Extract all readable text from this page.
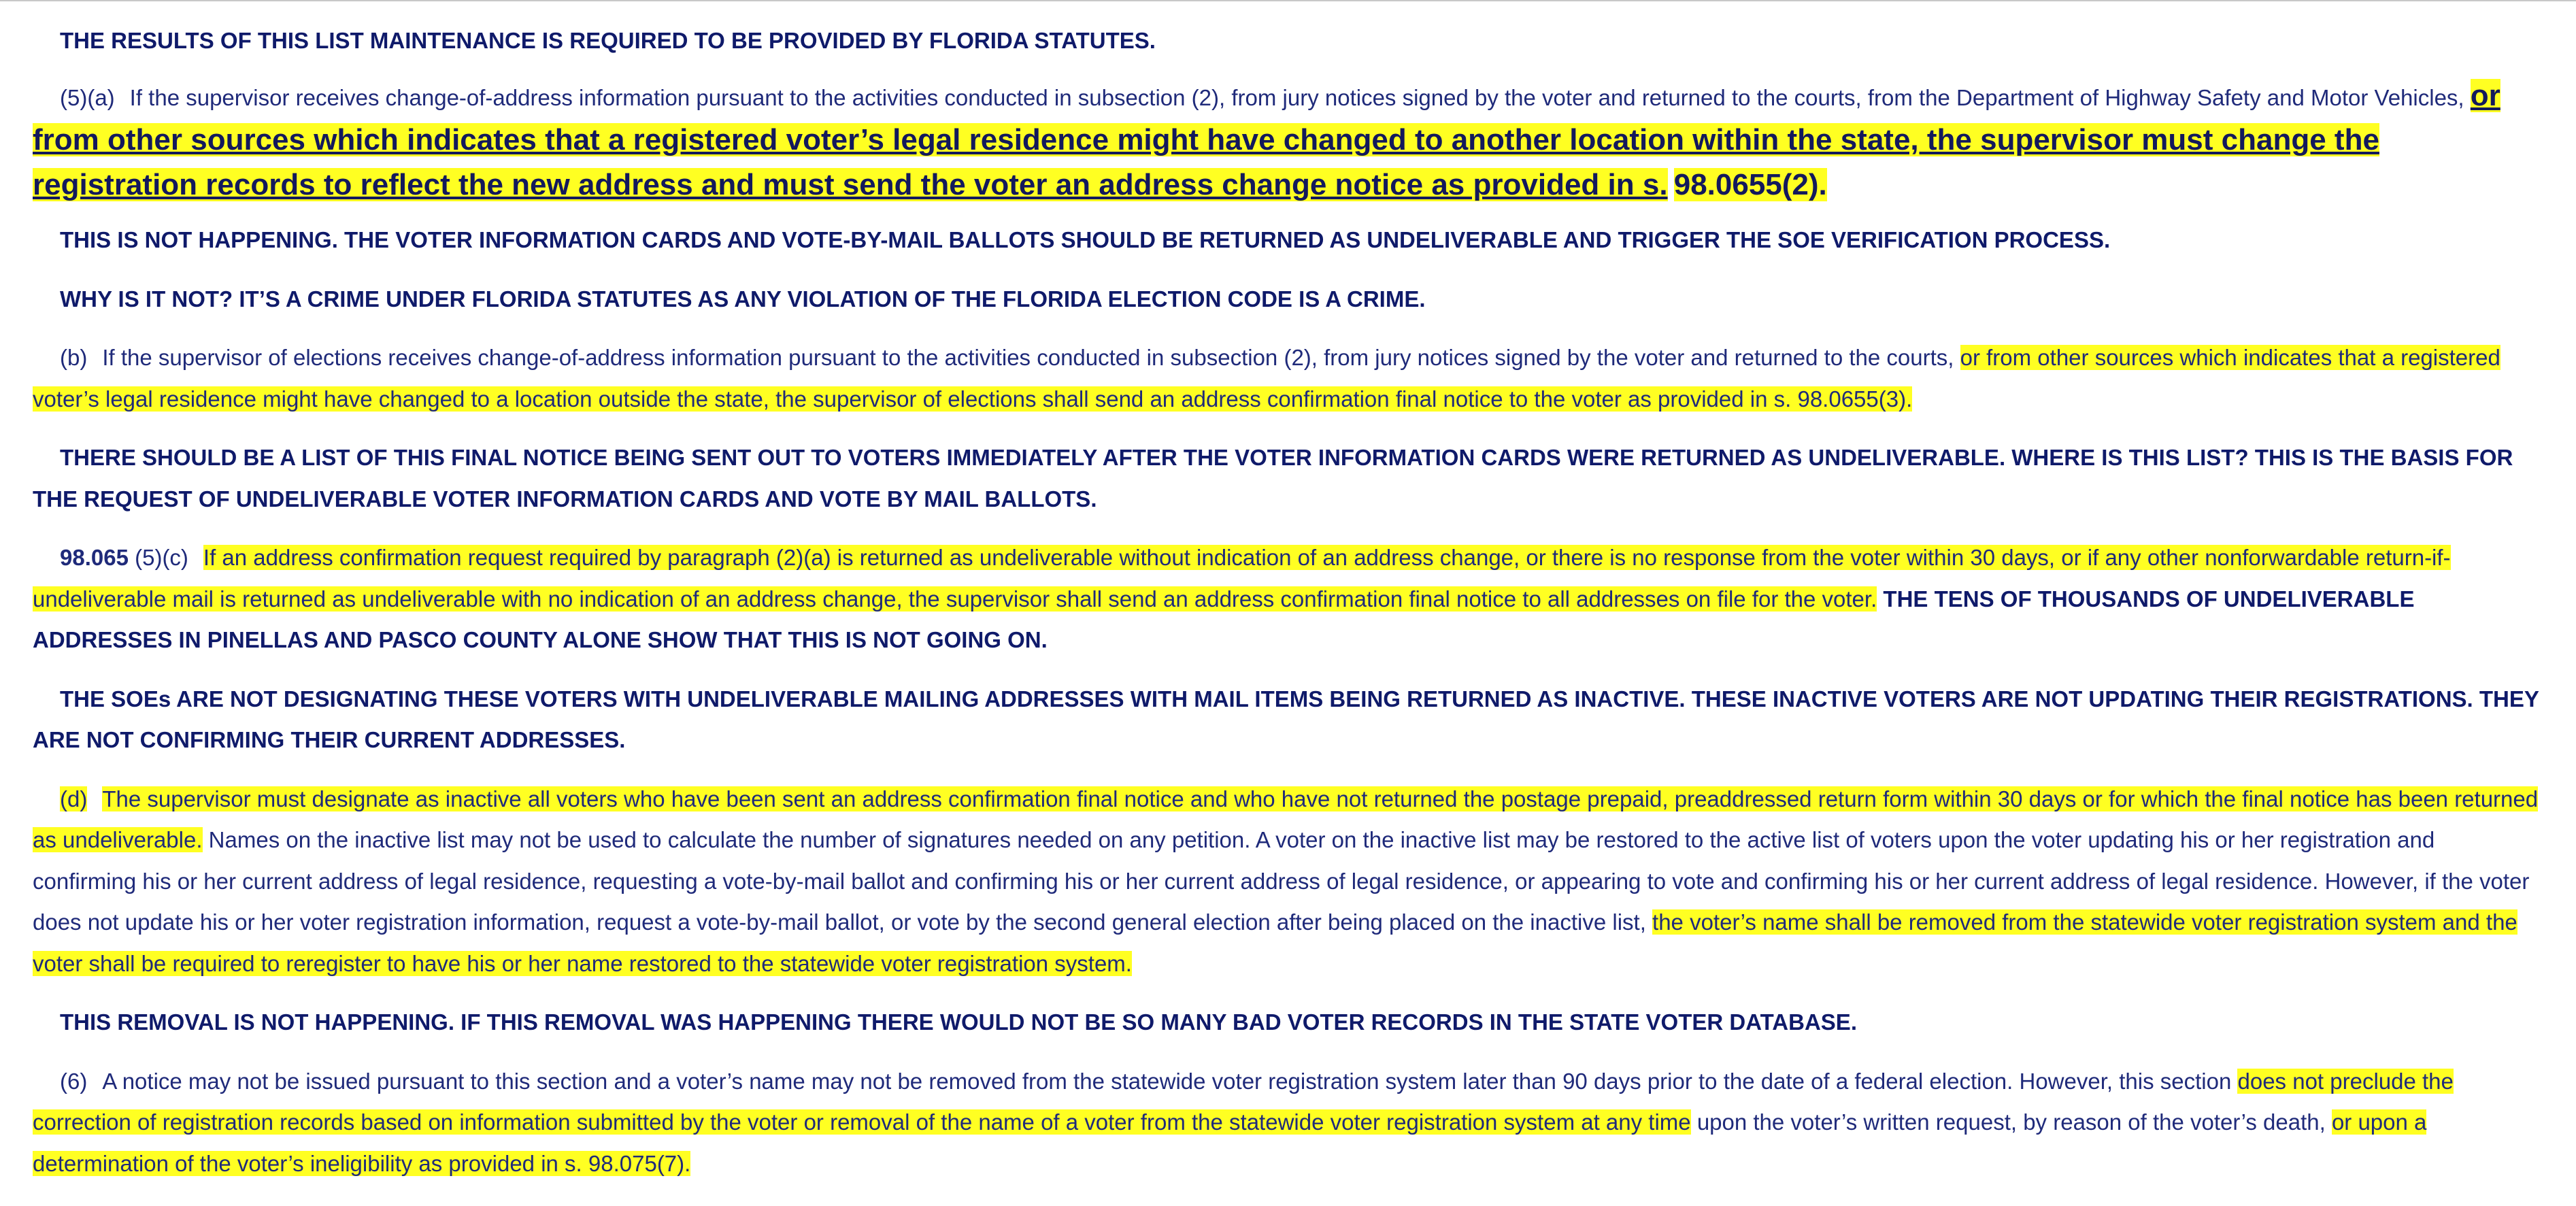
THE RESULTS OF THIS LIST MAINTENANCE IS REQUIRED TO BE PROVIDED BY FLORIDA STATUTES.

(5)(a) If the supervisor receives change-of-address information pursuant to the activities conducted in subsection (2), from jury notices signed by the voter and returned to the courts, from the Department of Highway Safety and Motor Vehicles, or from other sources which indicates that a registered voter’s legal residence might have changed to another location within the state, the supervisor must change the registration records to reflect the new address and must send the voter an address change notice as provided in s. 98.0655(2).

THIS IS NOT HAPPENING. THE VOTER INFORMATION CARDS AND VOTE-BY-MAIL BALLOTS SHOULD BE RETURNED AS UNDELIVERABLE AND TRIGGER THE SOE VERIFICATION PROCESS.

WHY IS IT NOT? IT’S A CRIME UNDER FLORIDA STATUTES AS ANY VIOLATION OF THE FLORIDA ELECTION CODE IS A CRIME.

(b) If the supervisor of elections receives change-of-address information pursuant to the activities conducted in subsection (2), from jury notices signed by the voter and returned to the courts, or from other sources which indicates that a registered voter’s legal residence might have changed to a location outside the state, the supervisor of elections shall send an address confirmation final notice to the voter as provided in s. 98.0655(3).

THERE SHOULD BE A LIST OF THIS FINAL NOTICE BEING SENT OUT TO VOTERS IMMEDIATELY AFTER THE VOTER INFORMATION CARDS WERE RETURNED AS UNDELIVERABLE. WHERE IS THIS LIST? THIS IS THE BASIS FOR THE REQUEST OF UNDELIVERABLE VOTER INFORMATION CARDS AND VOTE BY MAIL BALLOTS.

98.065 (5)(c) If an address confirmation request required by paragraph (2)(a) is returned as undeliverable without indication of an address change, or there is no response from the voter within 30 days, or if any other nonforwardable return-if-undeliverable mail is returned as undeliverable with no indication of an address change, the supervisor shall send an address confirmation final notice to all addresses on file for the voter. THE TENS OF THOUSANDS OF UNDELIVERABLE ADDRESSES IN PINELLAS AND PASCO COUNTY ALONE SHOW THAT THIS IS NOT GOING ON.

THE SOEs ARE NOT DESIGNATING THESE VOTERS WITH UNDELIVERABLE MAILING ADDRESSES WITH MAIL ITEMS BEING RETURNED AS INACTIVE. THESE INACTIVE VOTERS ARE NOT UPDATING THEIR REGISTRATIONS. THEY ARE NOT CONFIRMING THEIR CURRENT ADDRESSES.

(d) The supervisor must designate as inactive all voters who have been sent an address confirmation final notice and who have not returned the postage prepaid, preaddressed return form within 30 days or for which the final notice has been returned as undeliverable. Names on the inactive list may not be used to calculate the number of signatures needed on any petition. A voter on the inactive list may be restored to the active list of voters upon the voter updating his or her registration and confirming his or her current address of legal residence, requesting a vote-by-mail ballot and confirming his or her current address of legal residence, or appearing to vote and confirming his or her current address of legal residence. However, if the voter does not update his or her voter registration information, request a vote-by-mail ballot, or vote by the second general election after being placed on the inactive list, the voter’s name shall be removed from the statewide voter registration system and the voter shall be required to reregister to have his or her name restored to the statewide voter registration system.

THIS REMOVAL IS NOT HAPPENING. IF THIS REMOVAL WAS HAPPENING THERE WOULD NOT BE SO MANY BAD VOTER RECORDS IN THE STATE VOTER DATABASE.

(6) A notice may not be issued pursuant to this section and a voter’s name may not be removed from the statewide voter registration system later than 90 days prior to the date of a federal election. However, this section does not preclude the correction of registration records based on information submitted by the voter or removal of the name of a voter from the statewide voter registration system at any time upon the voter’s written request, by reason of the voter’s death, or upon a determination of the voter’s ineligibility as provided in s. 98.075(7).
